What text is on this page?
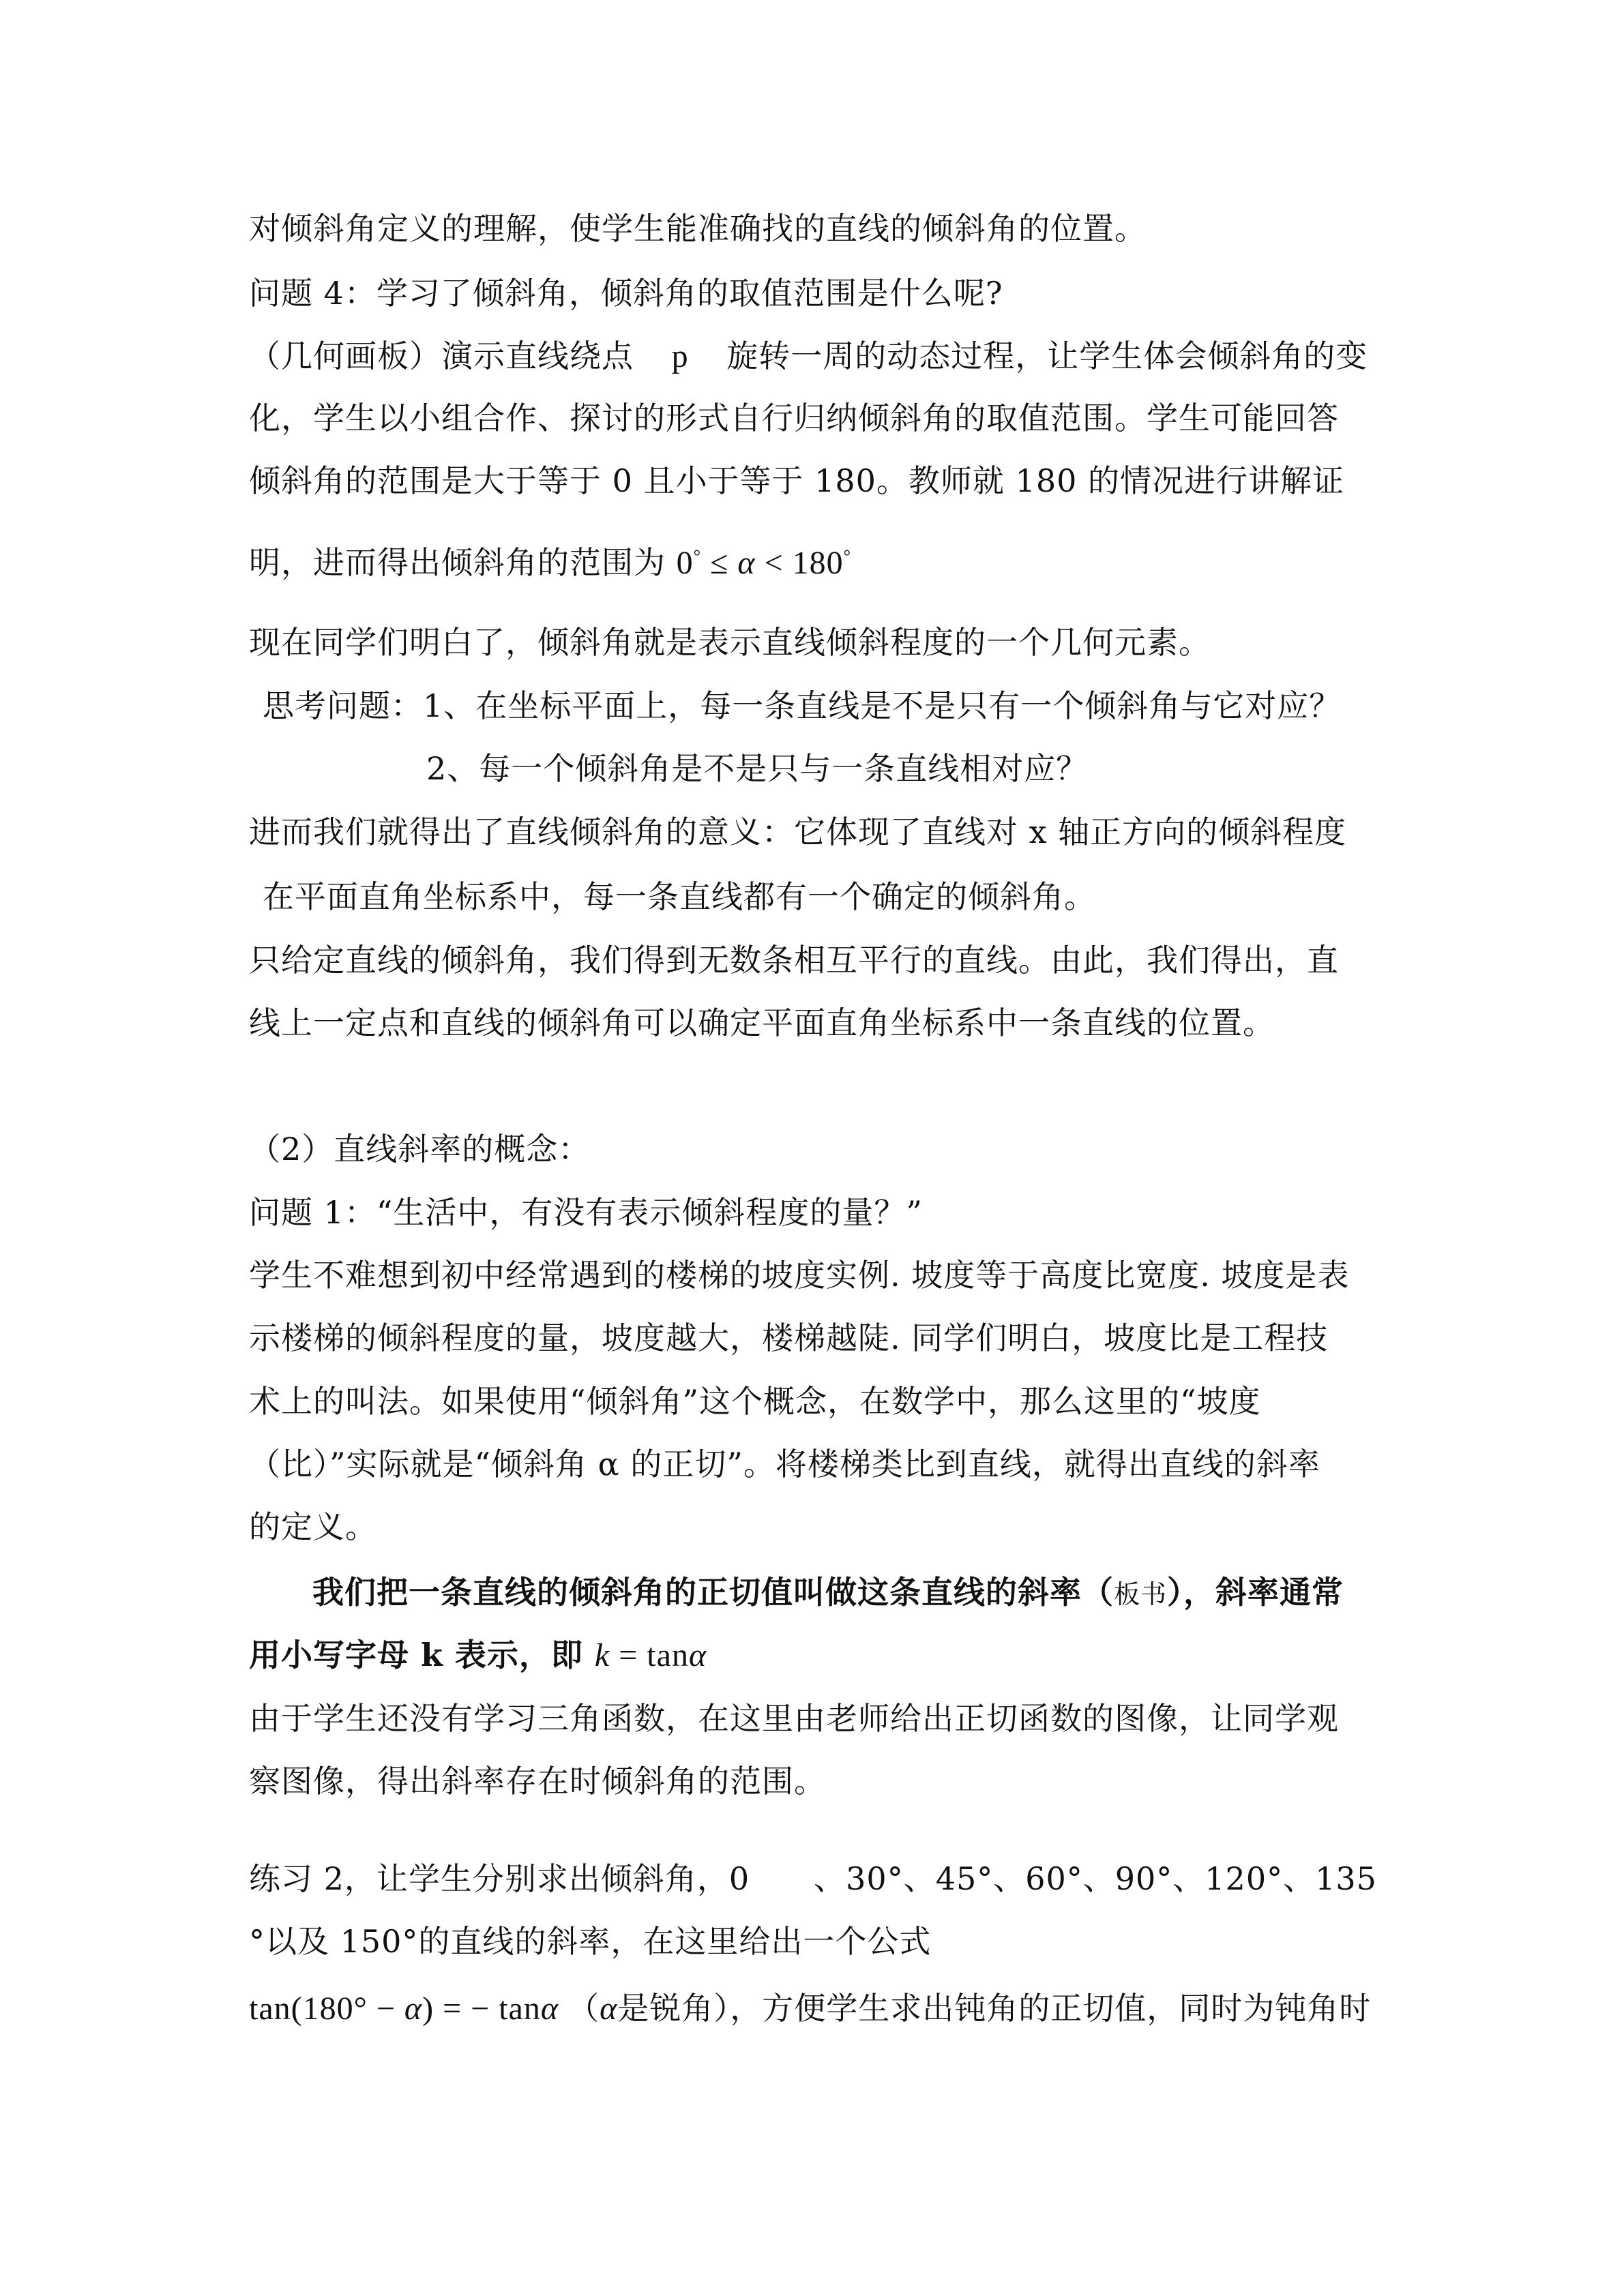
对倾斜角定义的理解，使学生能准确找的直线的倾斜角的位置。
问题 4：学习了倾斜角，倾斜角的取值范围是什么呢?
（几何画板）演示直线绕点 p 旋转一周的动态过程，让学生体会倾斜角的变
化，学生以小组合作、探讨的形式自行归纳倾斜角的取值范围。学生可能回答
倾斜角的范围是大于等于 0 且小于等于 180。教师就 180 的情况进行讲解证
明，进而得出倾斜角的范围为 0° ≤ α < 180°
现在同学们明白了，倾斜角就是表示直线倾斜程度的一个几何元素。
思考问题：1、在坐标平面上，每一条直线是不是只有一个倾斜角与它对应？
2、每一个倾斜角是不是只与一条直线相对应？
进而我们就得出了直线倾斜角的意义：它体现了直线对 x 轴正方向的倾斜程度
在平面直角坐标系中，每一条直线都有一个确定的倾斜角。
只给定直线的倾斜角，我们得到无数条相互平行的直线。由此，我们得出，直
线上一定点和直线的倾斜角可以确定平面直角坐标系中一条直线的位置。
（2）直线斜率的概念：
问题 1：“生活中，有没有表示倾斜程度的量？”
学生不难想到初中经常遇到的楼梯的坡度实例. 坡度等于高度比宽度. 坡度是表
示楼梯的倾斜程度的量，坡度越大，楼梯越陡. 同学们明白，坡度比是工程技
术上的叫法。如果使用“倾斜角”这个概念，在数学中，那么这里的“坡度
（比）”实际就是“倾斜角 α 的正切”。将楼梯类比到直线，就得出直线的斜率
的定义。
我们把一条直线的倾斜角的正切值叫做这条直线的斜率（板书），斜率通常
用小写字母 k 表示，即 k = tanα
由于学生还没有学习三角函数，在这里由老师给出正切函数的图像，让同学观
察图像，得出斜率存在时倾斜角的范围。
练习 2，让学生分别求出倾斜角，0　　、30°、45°、60°、90°、120°、135
°以及 150°的直线的斜率，在这里给出一个公式
tan(180° − α) = − tanα （α是锐角），方便学生求出钝角的正切值，同时为钝角时
